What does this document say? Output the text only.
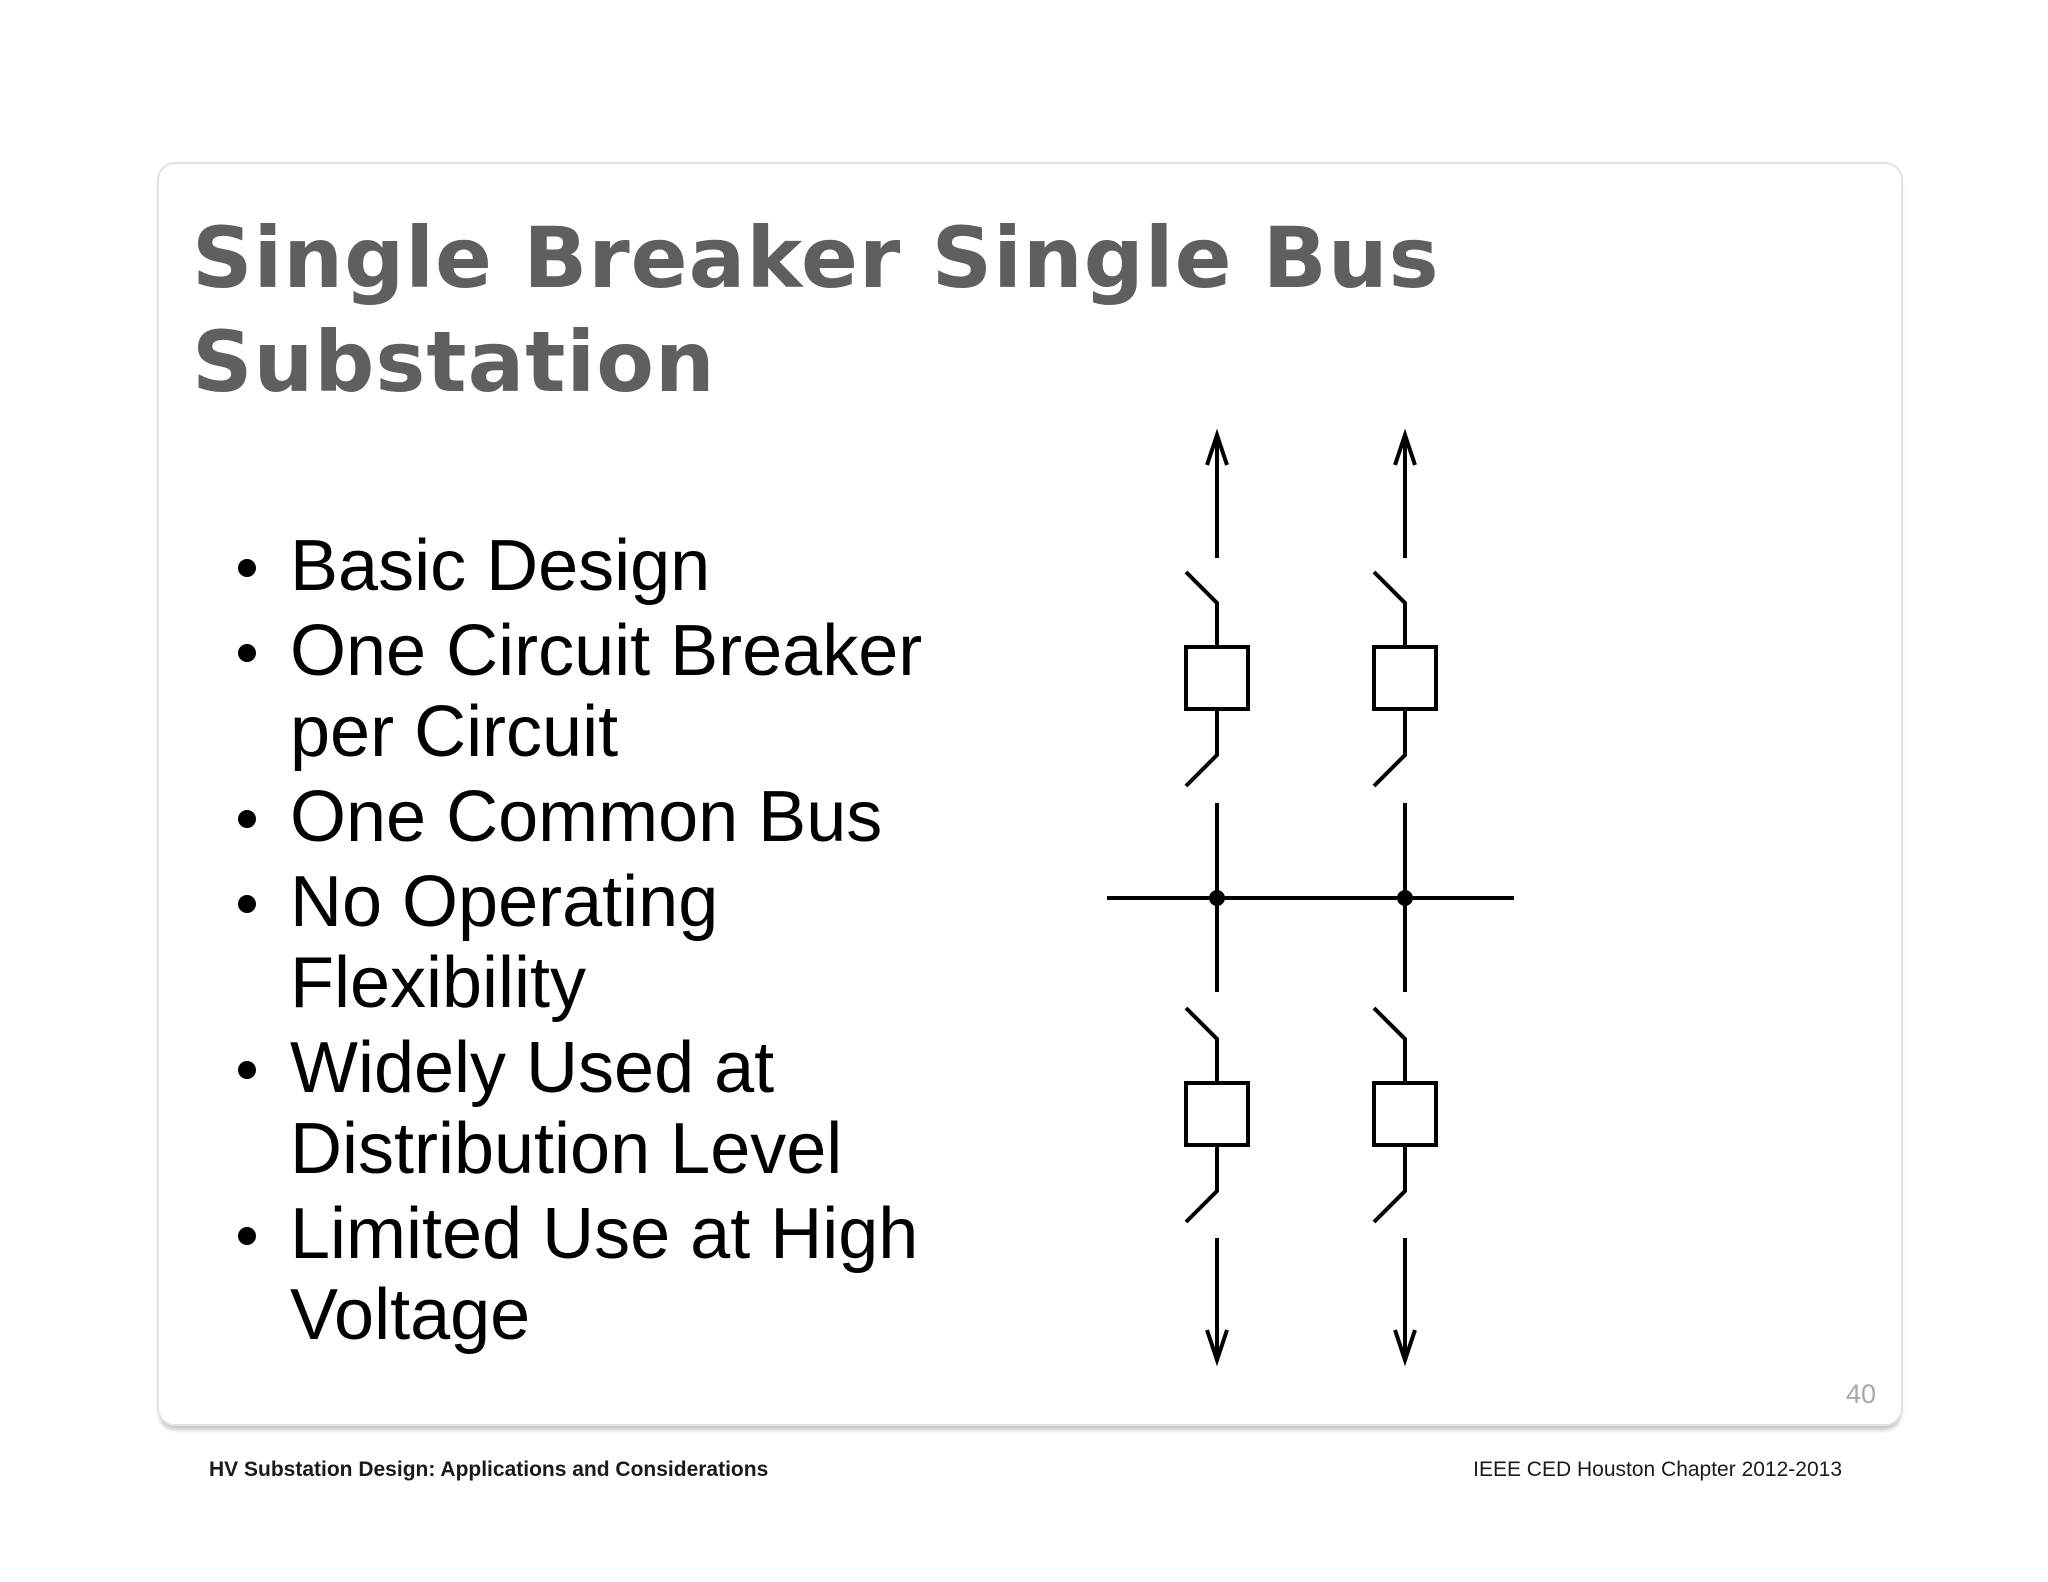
Single Breaker Single Bus
Substation
Basic Design
One Circuit Breaker
per Circuit
One Common Bus
No Operating
Flexibility
Widely Used at
Distribution Level
Limited Use at High
Voltage
40
HV Substation Design: Applications and Considerations	IEEE CED Houston Chapter 2012-2013
